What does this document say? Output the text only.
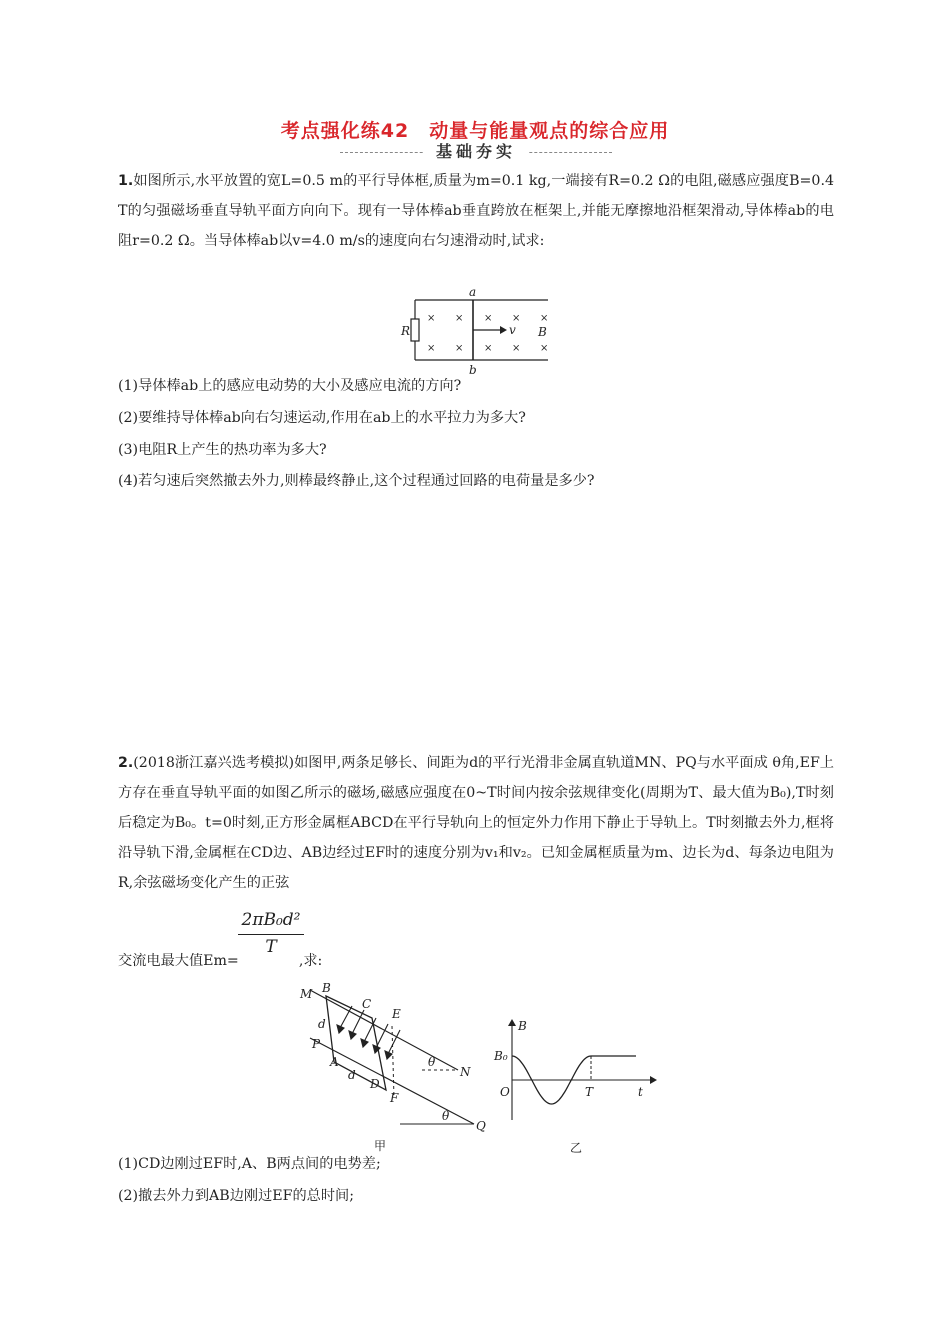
考点强化练42　动量与能量观点的综合应用
基础夯实
1.如图所示,水平放置的宽L=0.5 m的平行导体框,质量为m=0.1 kg,一端接有R=0.2 Ω的电阻,磁感应强度B=0.4 T的匀强磁场垂直导轨平面方向向下。现有一导体棒ab垂直跨放在框架上,并能无摩擦地沿框架滑动,导体棒ab的电阻r=0.2 Ω。当导体棒ab以v=4.0 m/s的速度向右匀速滑动时,试求:
× × × × ×
× × × × ×
a
b
R	v B
(1)导体棒ab上的感应电动势的大小及感应电流的方向?
(2)要维持导体棒ab向右匀速运动,作用在ab上的水平拉力为多大?
(3)电阻R上产生的热功率为多大?
(4)若匀速后突然撤去外力,则棒最终静止,这个过程通过回路的电荷量是多少?
2.(2018浙江嘉兴选考模拟)如图甲,两条足够长、间距为d的平行光滑非金属直轨道MN、PQ与水平面成 θ角,EF上方存在垂直导轨平面的如图乙所示的磁场,磁感应强度在0~T时间内按余弦规律变化(周期为T、最大值为B₀),T时刻后稳定为B₀。t=0时刻,正方形金属框ABCD在平行导轨向上的恒定外力作用下静止于导轨上。T时刻撤去外力,框将沿导轨下滑,金属框在CD边、AB边经过EF时的速度分别为v₁和v₂。已知金属框质量为m、边长为d、每条边电阻为R,余弦磁场变化产生的正弦
$\frac{\text{2πB₀d²}}{T}$
交流电最大值Em=	,求:
M B
C
E
d
P
A
d
D
F
θ
N
θ
Q
甲
B
B₀
O	T	t
乙
(1)CD边刚过EF时,A、B两点间的电势差;
(2)撤去外力到AB边刚过EF的总时间;
